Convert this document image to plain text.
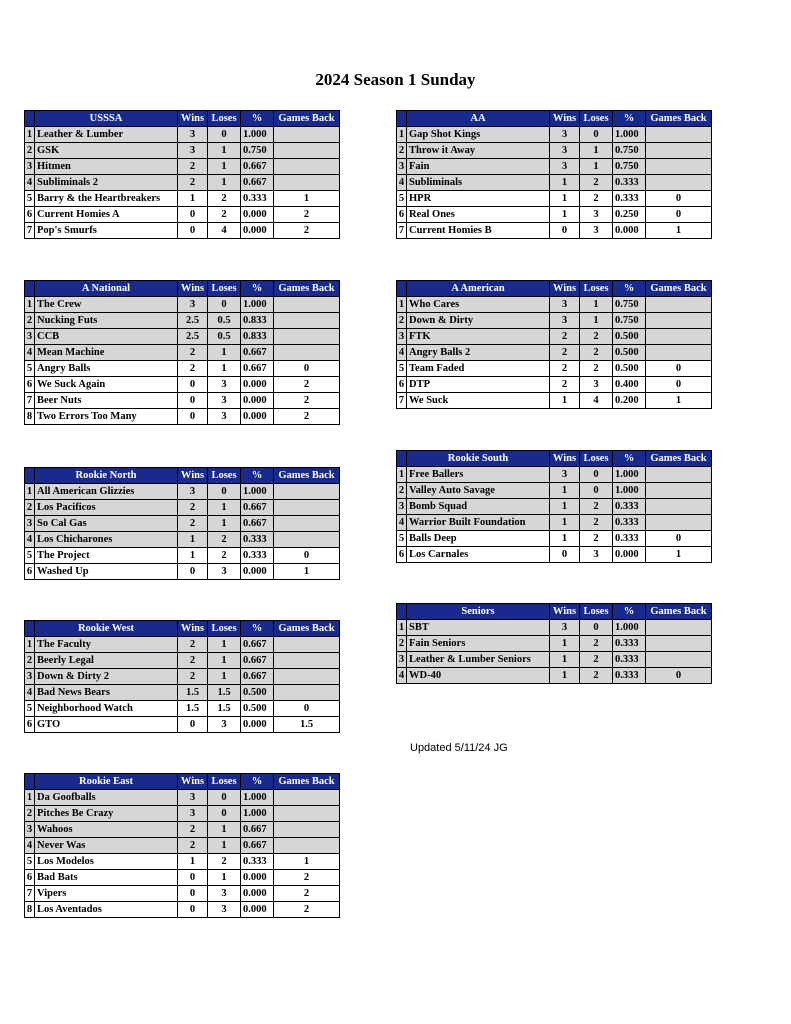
2024 Season 1 Sunday
	USSSA	Wins	Loses	%	Games Back
1	Leather & Lumber	3	0	1.000	
2	GSK	3	1	0.750	
3	Hitmen	2	1	0.667	
4	Subliminals 2	2	1	0.667	
5	Barry & the Heartbreakers	1	2	0.333	1
6	Current Homies A	0	2	0.000	2
7	Pop's Smurfs	0	4	0.000	2
	AA	Wins	Loses	%	Games Back
1	Gap Shot Kings	3	0	1.000	
2	Throw it Away	3	1	0.750	
3	Fain	3	1	0.750	
4	Subliminals	1	2	0.333	
5	HPR	1	2	0.333	0
6	Real Ones	1	3	0.250	0
7	Current Homies B	0	3	0.000	1
	A National	Wins	Loses	%	Games Back
1	The Crew	3	0	1.000	
2	Nucking Futs	2.5	0.5	0.833	
3	CCB	2.5	0.5	0.833	
4	Mean Machine	2	1	0.667	
5	Angry Balls	2	1	0.667	0
6	We Suck Again	0	3	0.000	2
7	Beer Nuts	0	3	0.000	2
8	Two Errors Too Many	0	3	0.000	2
	A American	Wins	Loses	%	Games Back
1	Who Cares	3	1	0.750	
2	Down & Dirty	3	1	0.750	
3	FTK	2	2	0.500	
4	Angry Balls 2	2	2	0.500	
5	Team Faded	2	2	0.500	0
6	DTP	2	3	0.400	0
7	We Suck	1	4	0.200	1
	Rookie North	Wins	Loses	%	Games Back
1	All American Glizzies	3	0	1.000	
2	Los Pacificos	2	1	0.667	
3	So Cal Gas	2	1	0.667	
4	Los Chicharones	1	2	0.333	
5	The Project	1	2	0.333	0
6	Washed Up	0	3	0.000	1
	Rookie South	Wins	Loses	%	Games Back
1	Free Ballers	3	0	1.000	
2	Valley Auto Savage	1	0	1.000	
3	Bomb Squad	1	2	0.333	
4	Warrior Built Foundation	1	2	0.333	
5	Balls Deep	1	2	0.333	0
6	Los Carnales	0	3	0.000	1
	Seniors	Wins	Loses	%	Games Back
1	SBT	3	0	1.000	
2	Fain Seniors	1	2	0.333	
3	Leather & Lumber Seniors	1	2	0.333	
4	WD-40	1	2	0.333	0
	Rookie West	Wins	Loses	%	Games Back
1	The Faculty	2	1	0.667	
2	Beerly Legal	2	1	0.667	
3	Down & Dirty 2	2	1	0.667	
4	Bad News Bears	1.5	1.5	0.500	
5	Neighborhood Watch	1.5	1.5	0.500	0
6	GTO	0	3	0.000	1.5
	Rookie East	Wins	Loses	%	Games Back
1	Da Goofballs	3	0	1.000	
2	Pitches Be Crazy	3	0	1.000	
3	Wahoos	2	1	0.667	
4	Never Was	2	1	0.667	
5	Los Modelos	1	2	0.333	1
6	Bad Bats	0	1	0.000	2
7	Vipers	0	3	0.000	2
8	Los Aventados	0	3	0.000	2
Updated 5/11/24 JG
